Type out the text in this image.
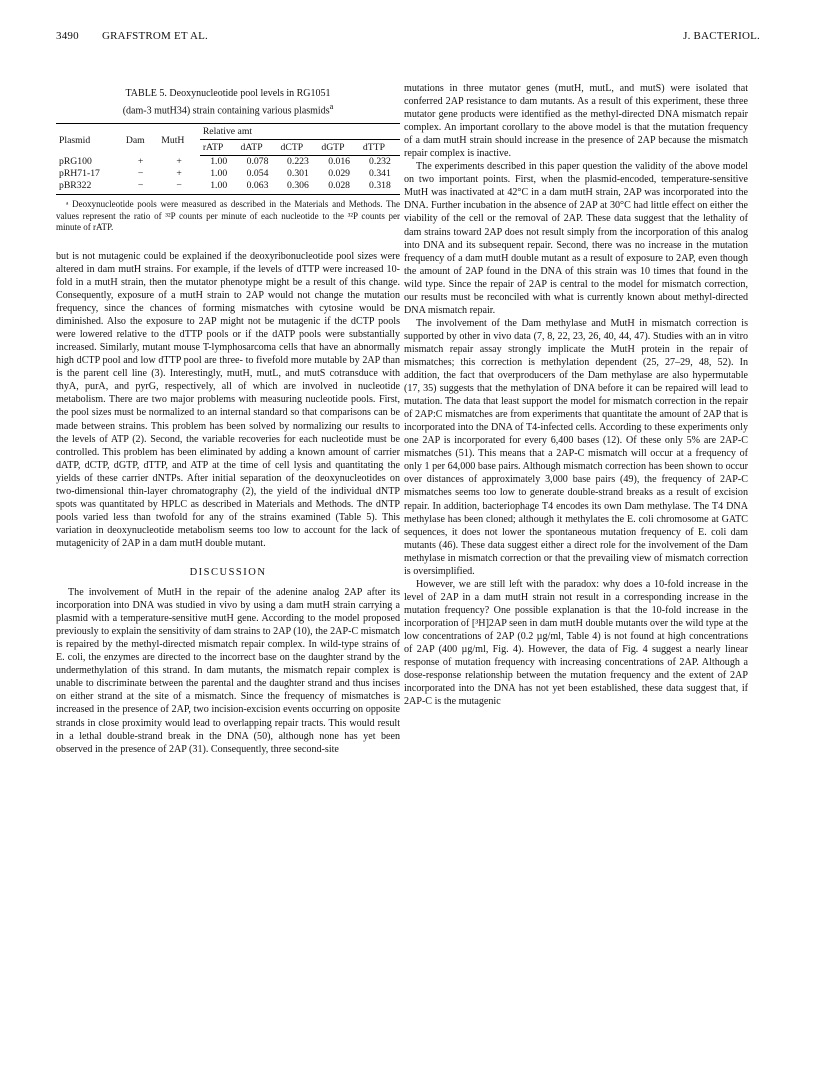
3490 GRAFSTROM ET AL.	J. BACTERIOL.
TABLE 5. Deoxynucleotide pool levels in RG1051
(dam-3 mutH34) strain containing various plasmids$^a$
Plasmid	Dam	MutH	Relative amt				
			rATP	dATP	dCTP	dGTP	dTTP
pRG100	+	+	1.00	0.078	0.223	0.016	0.232
pRH71-17	−	+	1.00	0.054	0.301	0.029	0.341
pBR322	−	−	1.00	0.063	0.306	0.028	0.318
ᵃ Deoxynucleotide pools were measured as described in the Materials and Methods. The values represent the ratio of ³²P counts per minute of each nucleotide to the ³²P counts per minute of rATP.

but is not mutagenic could be explained if the deoxyribonucleotide pool sizes were altered in dam mutH strains. For example, if the levels of dTTP were increased 10-fold in a mutH strain, then the mutator phenotype might be a result of this change. Consequently, exposure of a mutH strain to 2AP would not change the mutation frequency, since the chances of forming mismatches with cytosine would be diminished. Also the exposure to 2AP might not be mutagenic if the dCTP pools were lowered relative to the dTTP pools or if the dATP pools were substantially increased. Similarly, mutant mouse T-lymphosarcoma cells that have an abnormally high dCTP pool and low dTTP pool are three- to fivefold more mutable by 2AP than is the parent cell line (3). Interestingly, mutH, mutL, and mutS cotransduce with thyA, purA, and pyrG, respectively, all of which are involved in nucleotide metabolism. There are two major problems with measuring nucleotide pools. First, the pool sizes must be normalized to an internal standard so that comparisons can be made between strains. This problem has been solved by normalizing our results to the levels of ATP (2). Second, the variable recoveries for each nucleotide must be controlled. This problem has been eliminated by adding a known amount of carrier dATP, dCTP, dGTP, dTTP, and ATP at the time of cell lysis and quantitating the yields of these carrier dNTPs. After initial separation of the deoxynucleotides on two-dimensional thin-layer chromatography (2), the yield of the individual dNTP spots was quantitated by HPLC as described in Materials and Methods. The dNTP pools varied less than twofold for any of the strains examined (Table 5). This variation in deoxynucleotide metabolism seems too low to account for the lack of mutagenicity of 2AP in a dam mutH double mutant.

DISCUSSION

The involvement of MutH in the repair of the adenine analog 2AP after its incorporation into DNA was studied in vivo by using a dam mutH strain carrying a plasmid with a temperature-sensitive mutH gene. According to the model proposed previously to explain the sensitivity of dam strains to 2AP (10), the 2AP-C mismatch is repaired by the methyl-directed mismatch repair complex. In wild-type strains of E. coli, the enzymes are directed to the incorrect base on the daughter strand by the undermethylation of this strand. In dam mutants, the mismatch repair complex is unable to discriminate between the parental and the daughter strand and thus incises on either strand at the site of a mismatch. Since the frequency of mismatches is increased in the presence of 2AP, two incision-excision events occurring on opposite strands in close proximity would lead to overlapping repair tracts. This would result in a lethal double-strand break in the DNA (50), although none has yet been observed in the presence of 2AP (31). Consequently, three second-site

mutations in three mutator genes (mutH, mutL, and mutS) were isolated that conferred 2AP resistance to dam mutants. As a result of this experiment, these three mutator gene products were identified as the methyl-directed DNA mismatch repair complex. An important corollary to the above model is that the mutation frequency of a dam mutH strain should increase in the presence of 2AP because the mismatch repair complex is inactive.

The experiments described in this paper question the validity of the above model on two important points. First, when the plasmid-encoded, temperature-sensitive MutH was inactivated at 42°C in a dam mutH strain, 2AP was incorporated into the DNA. Further incubation in the absence of 2AP at 30°C had little effect on either the viability of the cell or the removal of 2AP. These data suggest that the lethality of dam strains toward 2AP does not result simply from the incorporation of this analog into DNA and its subsequent repair. Second, there was no increase in the mutation frequency of a dam mutH double mutant as a result of exposure to 2AP, even though the amount of 2AP found in the DNA of this strain was 10 times that found in the wild type. Since the repair of 2AP is central to the model for mismatch correction, our results must be reconciled with what is currently known about methyl-directed DNA mismatch repair.

The involvement of the Dam methylase and MutH in mismatch correction is supported by other in vivo data (7, 8, 22, 23, 26, 40, 44, 47). Studies with an in vitro mismatch repair assay strongly implicate the MutH protein in the repair of mismatches; this correction is methylation dependent (25, 27–29, 48, 52). In addition, the fact that overproducers of the Dam methylase are also hypermutable (17, 35) suggests that the methylation of DNA before it can be repaired will lead to mutation. The data that least support the model for mismatch correction in the repair of 2AP:C mismatches are from experiments that quantitate the amount of 2AP that is incorporated into the DNA of T4-infected cells. According to these experiments only one 2AP is incorporated for every 6,400 bases (12). Of these only 5% are 2AP-C mismatches (51). This means that a 2AP-C mismatch will occur at a frequency of only 1 per 64,000 base pairs. Although mismatch correction has been shown to occur over distances of approximately 3,000 base pairs (49), the frequency of 2AP-C mismatches seems too low to generate double-strand breaks as a result of excision repair. In addition, bacteriophage T4 encodes its own Dam methylase. The T4 DNA methylase has been cloned; although it methylates the E. coli chromosome at GATC sequences, it does not lower the spontaneous mutation frequency of E. coli dam mutants (46). These data suggest either a direct role for the involvement of the Dam methylase in mismatch correction or that the prevailing view of mismatch correction is oversimplified.

However, we are still left with the paradox: why does a 10-fold increase in the level of 2AP in a dam mutH strain not result in a corresponding increase in the mutation frequency? One possible explanation is that the 10-fold increase in the incorporation of [³H]2AP seen in dam mutH double mutants over the wild type at the low concentrations of 2AP (0.2 µg/ml, Table 4) is not found at high concentrations of 2AP (400 µg/ml, Fig. 4). However, the data of Fig. 4 suggest a nearly linear response of mutation frequency with increasing concentrations of 2AP. Although a dose-response relationship between the mutation frequency and the extent of 2AP incorporated into the DNA has not yet been established, these data suggest that, if 2AP-C is the mutagenic
